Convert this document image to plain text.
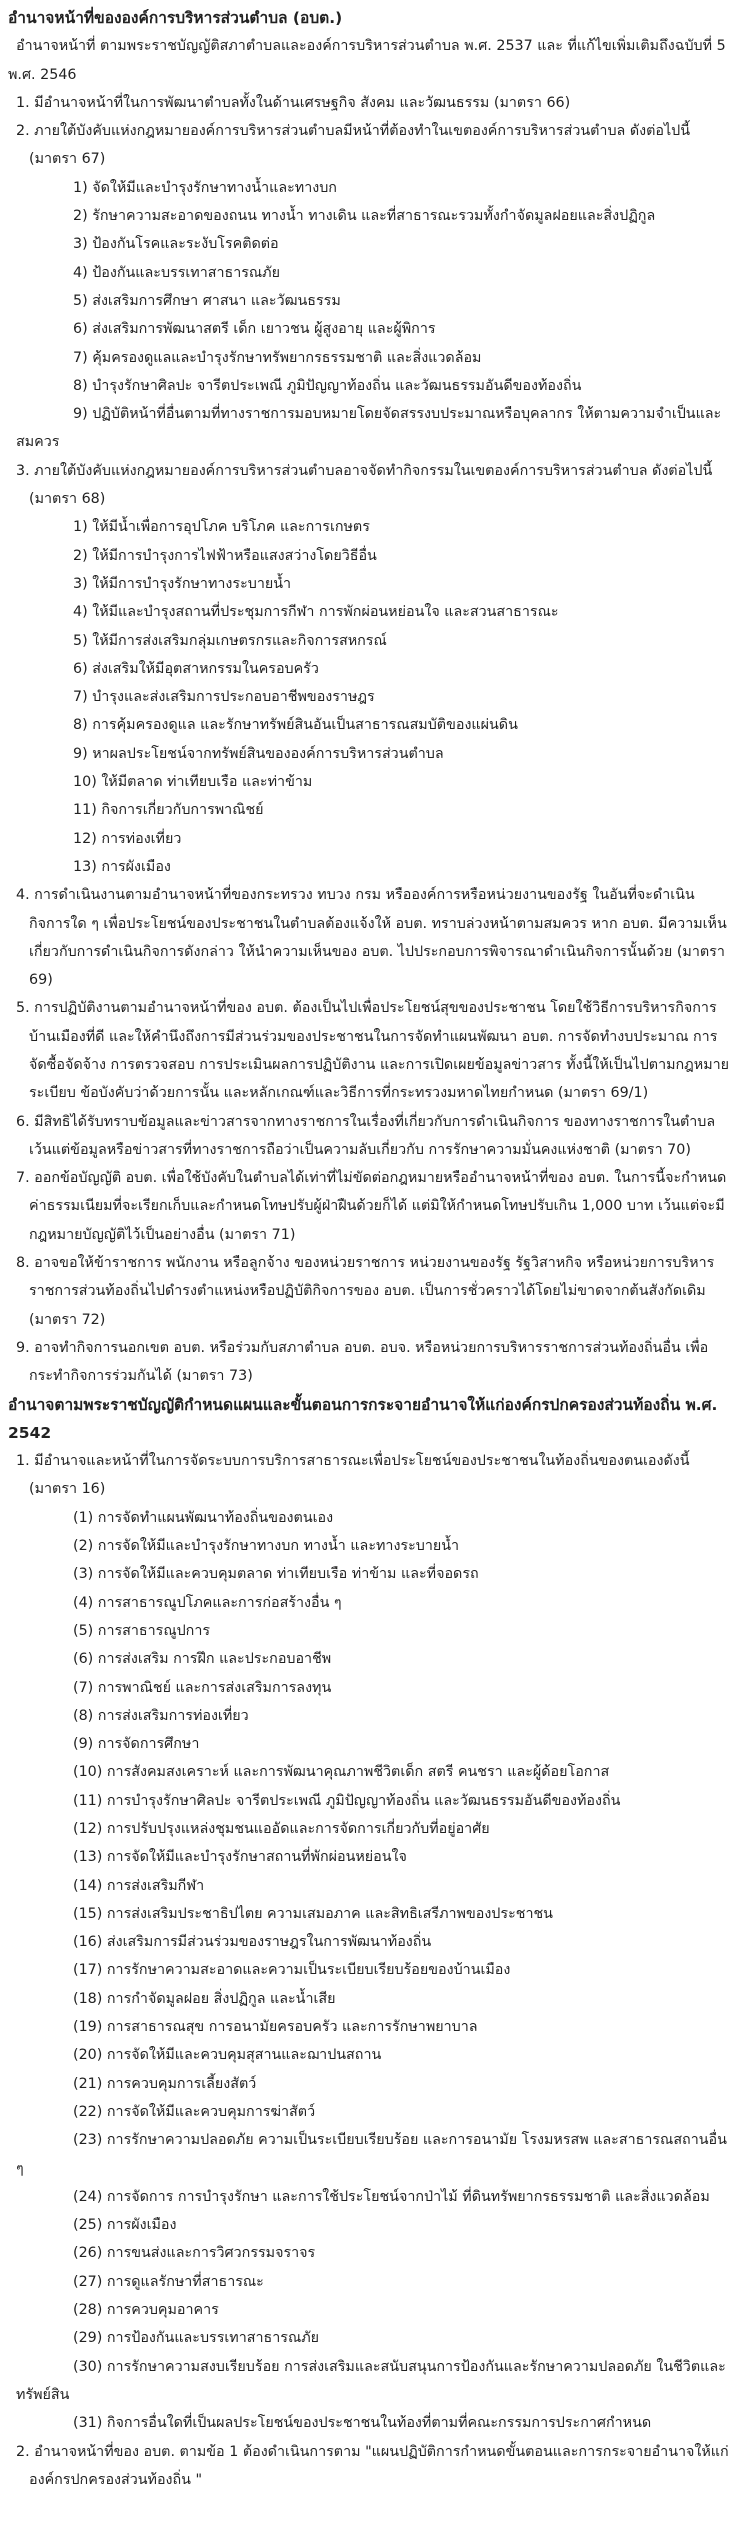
อำนาจหน้าที่ขององค์การบริหารส่วนตำบล (อบต.)

อำนาจหน้าที่ ตามพระราชบัญญัติสภาตำบลและองค์การบริหารส่วนตำบล พ.ศ. 2537 และ ที่แก้ไขเพิ่มเติมถึงฉบับที่ 5 พ.ศ. 2546

1. มีอำนาจหน้าที่ในการพัฒนาตำบลทั้งในด้านเศรษฐกิจ สังคม และวัฒนธรรม (มาตรา 66)

2. ภายใต้บังคับแห่งกฎหมายองค์การบริหารส่วนตำบลมีหน้าที่ต้องทำในเขตองค์การบริหารส่วนตำบล ดังต่อไปนี้ (มาตรา 67)

1) จัดให้มีและบำรุงรักษาทางน้ำและทางบก

2) รักษาความสะอาดของถนน ทางน้ำ ทางเดิน และที่สาธารณะรวมทั้งกำจัดมูลฝอยและสิ่งปฏิกูล

3) ป้องกันโรคและระงับโรคติดต่อ

4) ป้องกันและบรรเทาสาธารณภัย

5) ส่งเสริมการศึกษา ศาสนา และวัฒนธรรม

6) ส่งเสริมการพัฒนาสตรี เด็ก เยาวชน ผู้สูงอายุ และผู้พิการ

7) คุ้มครองดูแลและบำรุงรักษาทรัพยากรธรรมชาติ และสิ่งแวดล้อม

8) บำรุงรักษาศิลปะ จารีตประเพณี ภูมิปัญญาท้องถิ่น และวัฒนธรรมอันดีของท้องถิ่น

9) ปฏิบัติหน้าที่อื่นตามที่ทางราชการมอบหมายโดยจัดสรรงบประมาณหรือบุคลากร ให้ตามความจำเป็นและสมควร

3. ภายใต้บังคับแห่งกฎหมายองค์การบริหารส่วนตำบลอาจจัดทำกิจกรรมในเขตองค์การบริหารส่วนตำบล ดังต่อไปนี้ (มาตรา 68)

1) ให้มีน้ำเพื่อการอุปโภค บริโภค และการเกษตร

2) ให้มีการบำรุงการไฟฟ้าหรือแสงสว่างโดยวิธีอื่น

3) ให้มีการบำรุงรักษาทางระบายน้ำ

4) ให้มีและบำรุงสถานที่ประชุมการกีฬา การพักผ่อนหย่อนใจ และสวนสาธารณะ

5) ให้มีการส่งเสริมกลุ่มเกษตรกรและกิจการสหกรณ์

6) ส่งเสริมให้มีอุตสาหกรรมในครอบครัว

7) บำรุงและส่งเสริมการประกอบอาชีพของราษฎร

8) การคุ้มครองดูแล และรักษาทรัพย์สินอันเป็นสาธารณสมบัติของแผ่นดิน

9) หาผลประโยชน์จากทรัพย์สินขององค์การบริหารส่วนตำบล

10) ให้มีตลาด ท่าเทียบเรือ และท่าข้าม

11) กิจการเกี่ยวกับการพาณิชย์

12) การท่องเที่ยว

13) การผังเมือง

4. การดำเนินงานตามอำนาจหน้าที่ของกระทรวง ทบวง กรม หรือองค์การหรือหน่วยงานของรัฐ ในอันที่จะดำเนินกิจการใด ๆ เพื่อประโยชน์ของประชาชนในตำบลต้องแจ้งให้ อบต. ทราบล่วงหน้าตามสมควร หาก อบต. มีความเห็นเกี่ยวกับการดำเนินกิจการดังกล่าว ให้นำความเห็นของ อบต. ไปประกอบการพิจารณาดำเนินกิจการนั้นด้วย (มาตรา 69)

5. การปฏิบัติงานตามอำนาจหน้าที่ของ อบต. ต้องเป็นไปเพื่อประโยชน์สุขของประชาชน โดยใช้วิธีการบริหารกิจการบ้านเมืองที่ดี และให้คำนึงถึงการมีส่วนร่วมของประชาชนในการจัดทำแผนพัฒนา อบต. การจัดทำงบประมาณ การจัดซื้อจัดจ้าง การตรวจสอบ การประเมินผลการปฏิบัติงาน และการเปิดเผยข้อมูลข่าวสาร ทั้งนี้ให้เป็นไปตามกฎหมาย ระเบียบ ข้อบังคับว่าด้วยการนั้น และหลักเกณฑ์และวิธีการที่กระทรวงมหาดไทยกำหนด (มาตรา 69/1)

6. มีสิทธิได้รับทราบข้อมูลและข่าวสารจากทางราชการในเรื่องที่เกี่ยวกับการดำเนินกิจการ ของทางราชการในตำบล เว้นแต่ข้อมูลหรือข่าวสารที่ทางราชการถือว่าเป็นความลับเกี่ยวกับ การรักษาความมั่นคงแห่งชาติ (มาตรา 70)

7. ออกข้อบัญญัติ อบต. เพื่อใช้บังคับในตำบลได้เท่าที่ไม่ขัดต่อกฎหมายหรืออำนาจหน้าที่ของ อบต. ในการนี้จะกำหนดค่าธรรมเนียมที่จะเรียกเก็บและกำหนดโทษปรับผู้ฝ่าฝืนด้วยก็ได้ แต่มิให้กำหนดโทษปรับเกิน 1,000 บาท เว้นแต่จะมีกฎหมายบัญญัติไว้เป็นอย่างอื่น (มาตรา 71)

8. อาจขอให้ข้าราชการ พนักงาน หรือลูกจ้าง ของหน่วยราชการ หน่วยงานของรัฐ รัฐวิสาหกิจ หรือหน่วยการบริหารราชการส่วนท้องถิ่นไปดำรงตำแหน่งหรือปฏิบัติกิจการของ อบต. เป็นการชั่วคราวได้โดยไม่ขาดจากต้นสังกัดเดิม (มาตรา 72)

9. อาจทำกิจการนอกเขต อบต. หรือร่วมกับสภาตำบล อบต. อบจ. หรือหน่วยการบริหารราชการส่วนท้องถิ่นอื่น เพื่อกระทำกิจการร่วมกันได้ (มาตรา 73)

อำนาจตามพระราชบัญญัติกำหนดแผนและขั้นตอนการกระจายอำนาจให้แก่องค์กรปกครองส่วนท้องถิ่น พ.ศ. 2542

1. มีอำนาจและหน้าที่ในการจัดระบบการบริการสาธารณะเพื่อประโยชน์ของประชาชนในท้องถิ่นของตนเองดังนี้ (มาตรา 16)

(1) การจัดทำแผนพัฒนาท้องถิ่นของตนเอง

(2) การจัดให้มีและบำรุงรักษาทางบก ทางน้ำ และทางระบายน้ำ

(3) การจัดให้มีและควบคุมตลาด ท่าเทียบเรือ ท่าข้าม และที่จอดรถ

(4) การสาธารณูปโภคและการก่อสร้างอื่น ๆ

(5) การสาธารณูปการ

(6) การส่งเสริม การฝึก และประกอบอาชีพ

(7) การพาณิชย์ และการส่งเสริมการลงทุน

(8) การส่งเสริมการท่องเที่ยว

(9) การจัดการศึกษา

(10) การสังคมสงเคราะห์ และการพัฒนาคุณภาพชีวิตเด็ก สตรี คนชรา และผู้ด้อยโอกาส

(11) การบำรุงรักษาศิลปะ จารีตประเพณี ภูมิปัญญาท้องถิ่น และวัฒนธรรมอันดีของท้องถิ่น

(12) การปรับปรุงแหล่งชุมชนแออัดและการจัดการเกี่ยวกับที่อยู่อาศัย

(13) การจัดให้มีและบำรุงรักษาสถานที่พักผ่อนหย่อนใจ

(14) การส่งเสริมกีฬา

(15) การส่งเสริมประชาธิปไตย ความเสมอภาค และสิทธิเสรีภาพของประชาชน

(16) ส่งเสริมการมีส่วนร่วมของราษฎรในการพัฒนาท้องถิ่น

(17) การรักษาความสะอาดและความเป็นระเบียบเรียบร้อยของบ้านเมือง

(18) การกำจัดมูลฝอย สิ่งปฏิกูล และน้ำเสีย

(19) การสาธารณสุข การอนามัยครอบครัว และการรักษาพยาบาล

(20) การจัดให้มีและควบคุมสุสานและฌาปนสถาน

(21) การควบคุมการเลี้ยงสัตว์

(22) การจัดให้มีและควบคุมการฆ่าสัตว์

(23) การรักษาความปลอดภัย ความเป็นระเบียบเรียบร้อย และการอนามัย โรงมหรสพ และสาธารณสถานอื่น ๆ

(24) การจัดการ การบำรุงรักษา และการใช้ประโยชน์จากป่าไม้ ที่ดินทรัพยากรธรรมชาติ และสิ่งแวดล้อม

(25) การผังเมือง

(26) การขนส่งและการวิศวกรรมจราจร

(27) การดูแลรักษาที่สาธารณะ

(28) การควบคุมอาคาร

(29) การป้องกันและบรรเทาสาธารณภัย

(30) การรักษาความสงบเรียบร้อย การส่งเสริมและสนับสนุนการป้องกันและรักษาความปลอดภัย ในชีวิตและทรัพย์สิน

(31) กิจการอื่นใดที่เป็นผลประโยชน์ของประชาชนในท้องที่ตามที่คณะกรรมการประกาศกำหนด

2. อำนาจหน้าที่ของ อบต. ตามข้อ 1 ต้องดำเนินการตาม "แผนปฏิบัติการกำหนดขั้นตอนและการกระจายอำนาจให้แก่องค์กรปกครองส่วนท้องถิ่น "
